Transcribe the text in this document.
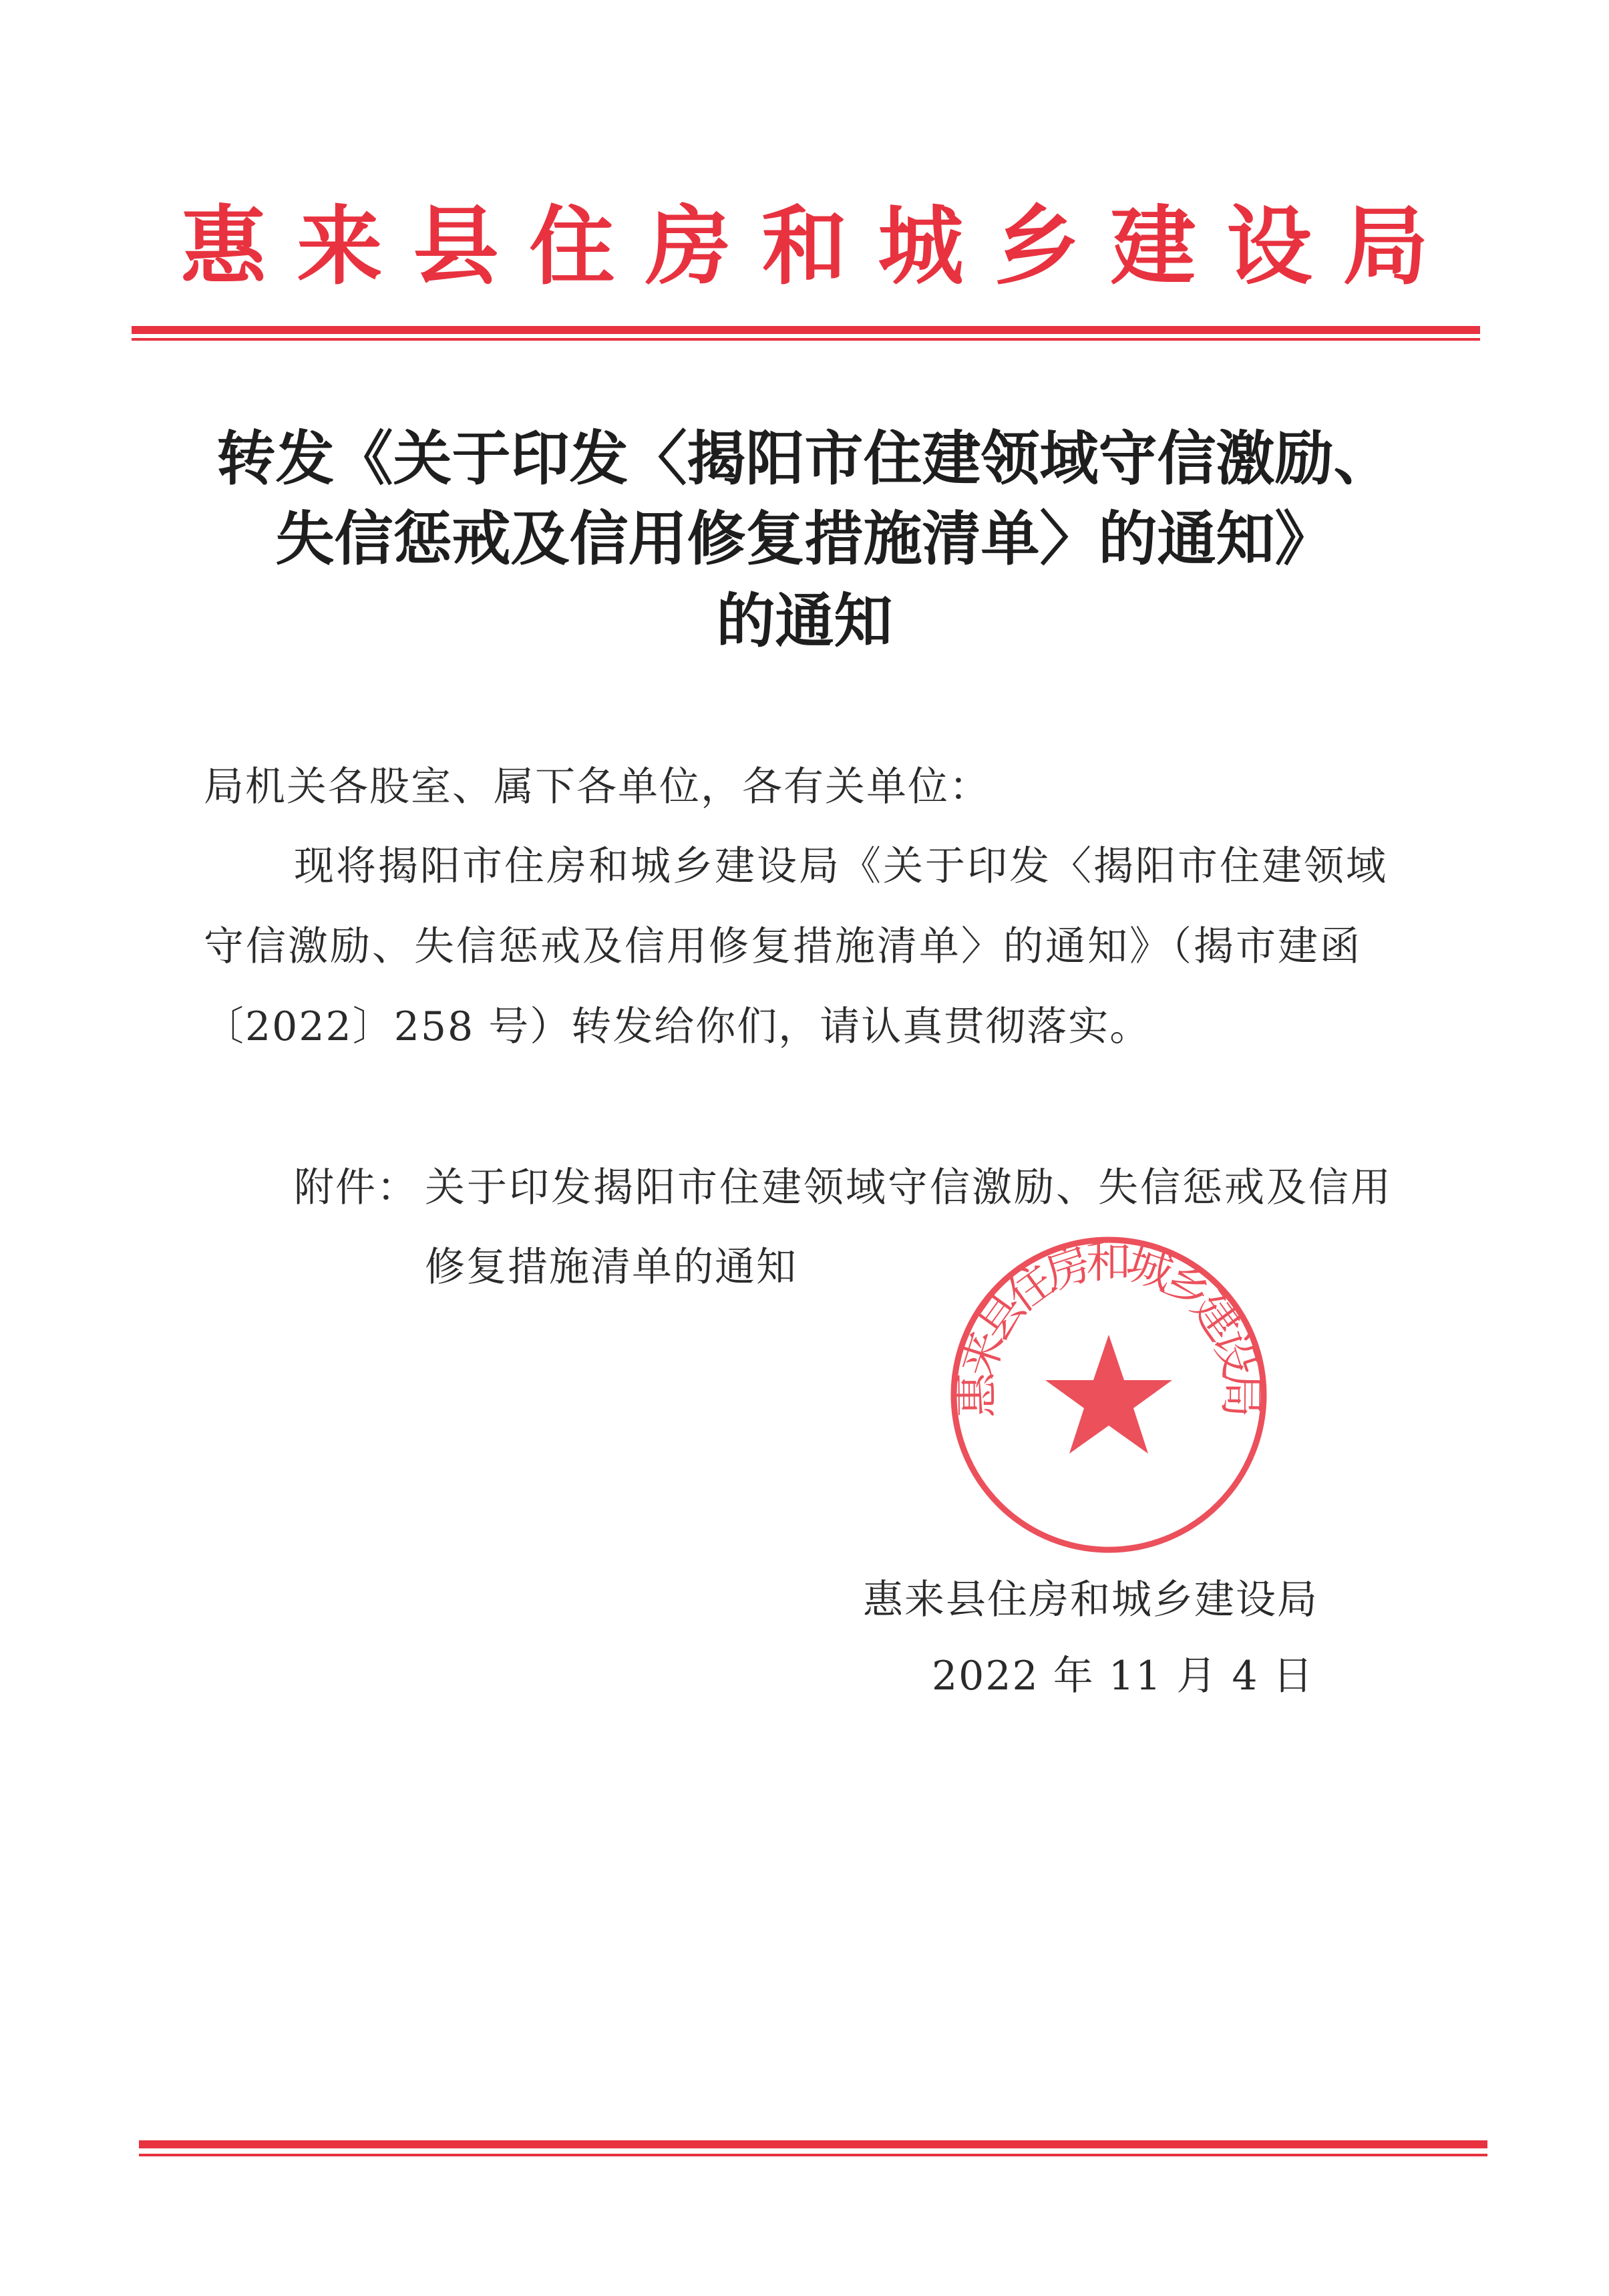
惠来县住房和城乡建设局
转发《关于印发〈揭阳市住建领域守信激励、
失信惩戒及信用修复措施清单〉的通知》
的通知
局机关各股室、属下各单位，各有关单位：
现将揭阳市住房和城乡建设局《关于印发〈揭阳市住建领域
守信激励、失信惩戒及信用修复措施清单〉的通知》（揭市建函
〔2022〕258 号）转发给你们，请认真贯彻落实。
附件： 关于印发揭阳市住建领域守信激励、失信惩戒及信用
修复措施清单的通知
惠来县住房和城乡建设局
惠来县住房和城乡建设局
2022 年 11 月 4 日
